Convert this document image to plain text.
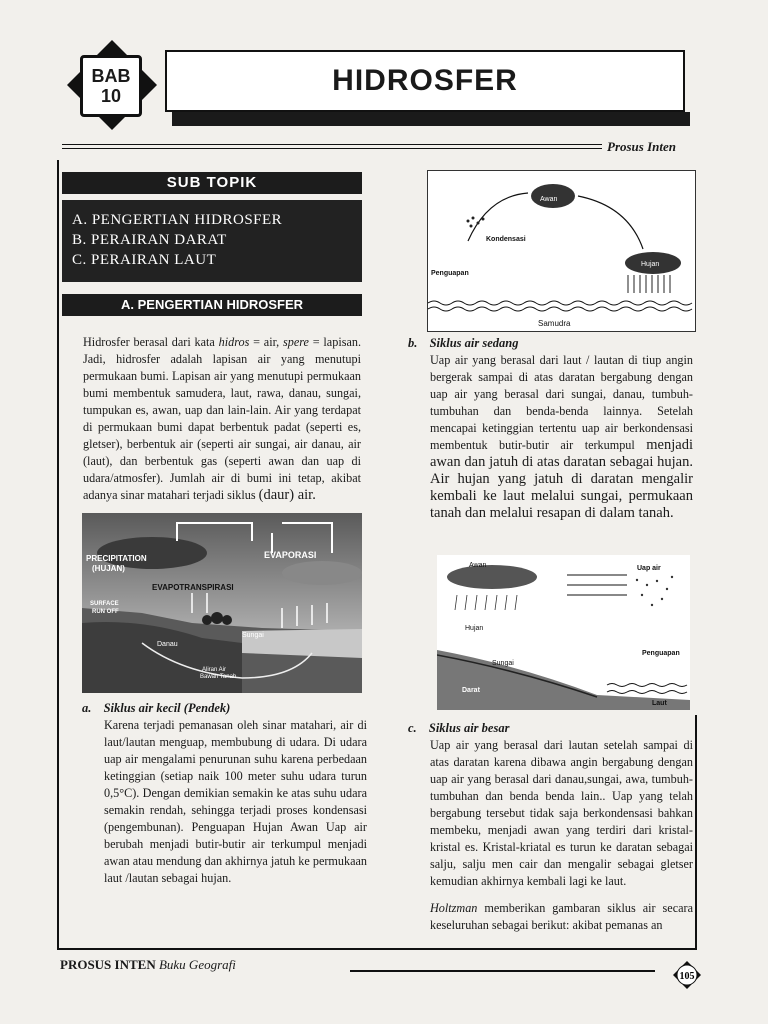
BAB
10	HIDROSFER
Prosus Inten
SUB TOPIK
A. PENGERTIAN HIDROSFER
B. PERAIRAN DARAT
C. PERAIRAN LAUT
A. PENGERTIAN HIDROSFER
Hidrosfer berasal dari kata hidros = air, spere = lapisan. Jadi, hidrosfer adalah lapisan air yang menutupi permukaan bumi. Lapisan air yang menutupi permukaan bumi membentuk samudera, laut, rawa, danau, sungai, tumpukan es, awan, uap dan lain-lain. Air yang terdapat di permukaan bumi dapat berbentuk padat (seperti es, gletser), berbentuk air (seperti air sungai, air danau, air (laut), dan berbentuk gas (seperti awan dan uap di udara/atmosfer). Jumlah air di bumi ini tetap, akibat adanya sinar matahari terjadi siklus (daur) air.
PRECIPITATION
(HUJAN)
EVAPORASI
EVAPOTRANSPIRASI
SURFACE
RUN OFF
Sungai
Danau
Aliran Air
Bawah Tanah
a. Siklus air kecil (Pendek)
Karena terjadi pemanasan oleh sinar matahari, air di laut/lautan menguap, membubung di udara. Di udara uap air mengalami penurunan suhu karena perbedaan ketinggian (setiap naik 100 meter suhu udara turun 0,5°C). Dengan demikian semakin ke atas suhu udara semakin rendah, sehingga terjadi proses kondensasi (pengembunan). Penguapan Hujan Awan Uap air berubah menjadi butir-butir air terkumpul menjadi awan atau mendung dan akhirnya jatuh ke permukaan laut /lautan sebagai hujan.
Awan
Kondensasi
Penguapan
Hujan
Samudra
b. Siklus air sedang
Uap air yang berasal dari laut / lautan di tiup angin bergerak sampai di atas daratan bergabung dengan uap air yang berasal dari sungai, danau, tumbuh-tumbuhan dan benda-benda lainnya. Setelah mencapai ketinggian tertentu uap air berkondensasi membentuk butir-butir air terkumpul menjadi awan dan jatuh di atas daratan sebagai hujan. Air hujan yang jatuh di daratan mengalir kembali ke laut melalui sungai, permukaan tanah dan melalui resapan di dalam tanah.
Awan	Uap air
Hujan
Sungai
Penguapan
Darat
Laut
c. Siklus air besar
Uap air yang berasal dari lautan setelah sampai di atas daratan karena dibawa angin bergabung dengan uap air yang berasal dari danau,sungai, awa, tumbuh-tumbuhan dan benda benda lain.. Uap yang telah bergabung tersebut tidak saja berkondensasi bahkan membeku, menjadi awan yang terdiri dari kristal-kristal es. Kristal-kriatal es turun ke daratan sebagai salju, salju men cair dan mengalir sebagai gletser kemudian akhirnya kembali lagi ke laut.
Holtzman memberikan gambaran siklus air secara keseluruhan sebagai berikut: akibat pemanas an
PROSUS INTEN Buku Geografi
105
